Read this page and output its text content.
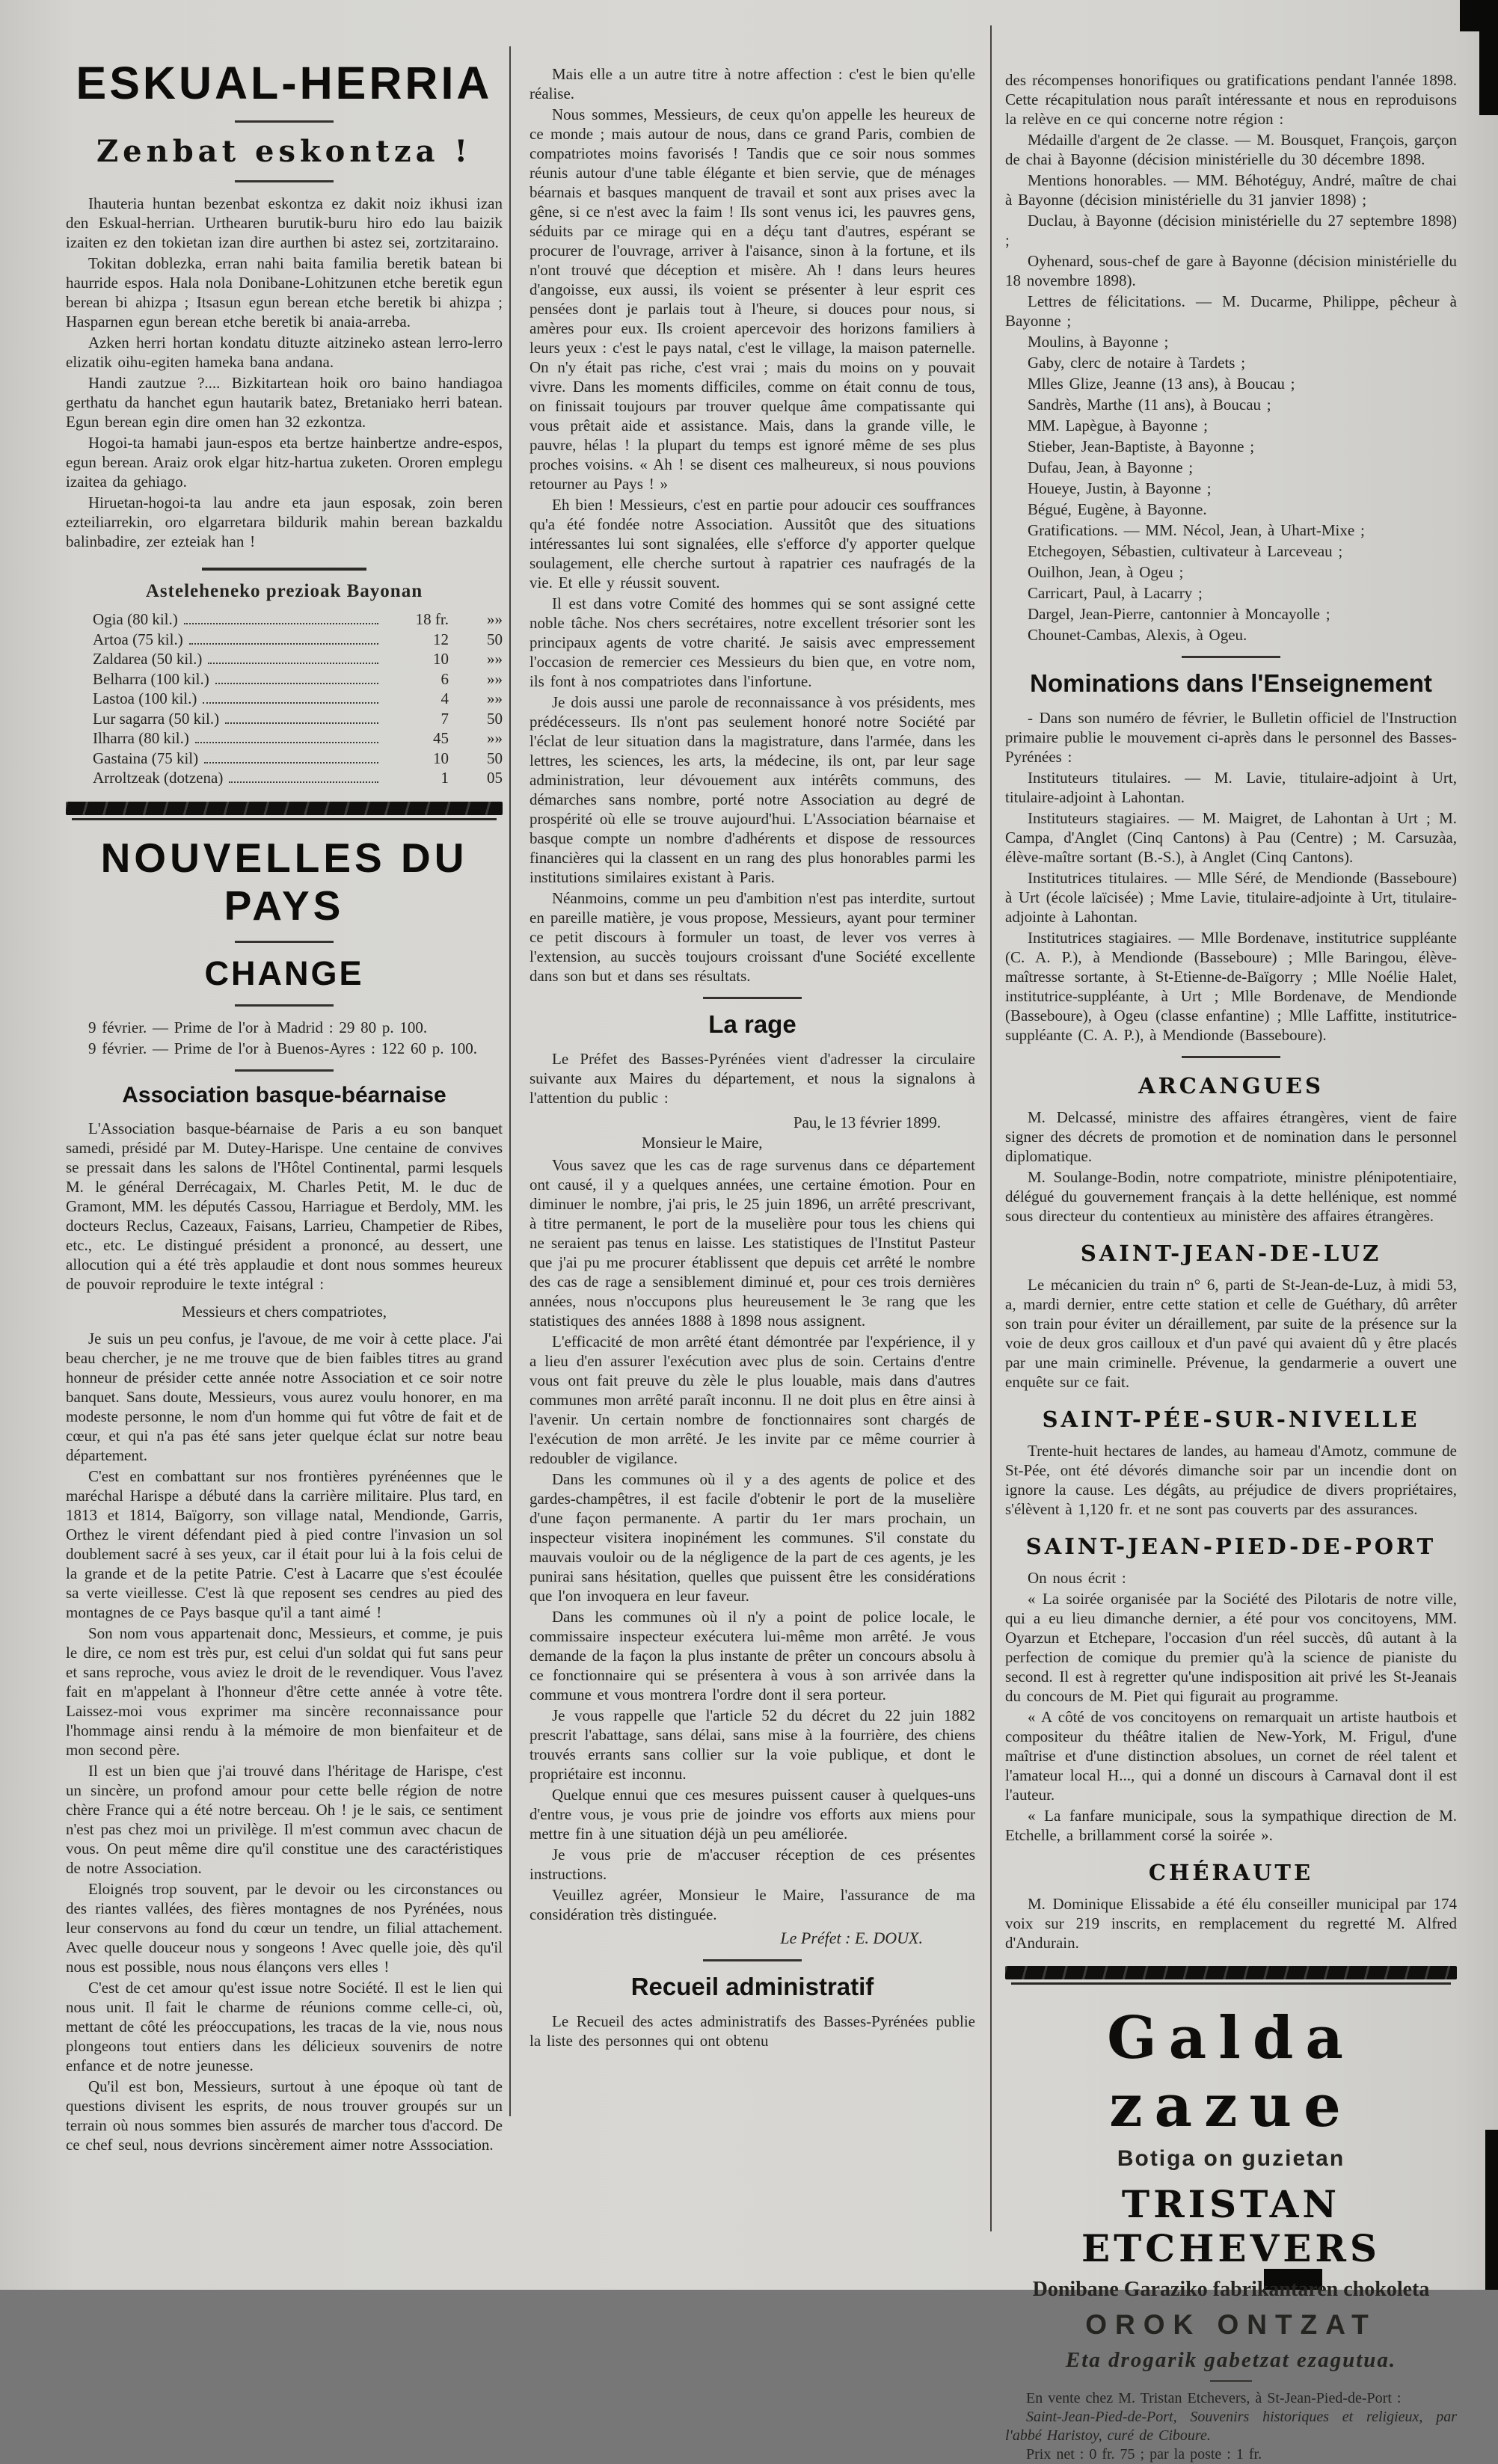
ESKUAL-HERRIA
Zenbat eskontza !

Ihauteria huntan bezenbat eskontza ez dakit noiz ikhusi izan den Eskual-herrian. Urthearen burutik-buru hiro edo lau baizik izaiten ez den tokietan izan dire aurthen bi astez sei, zortzitaraino.

Tokitan doblezka, erran nahi baita familia beretik batean bi haurride espos. Hala nola Donibane-Lohitzunen etche beretik egun berean bi ahizpa ; Itsasun egun berean etche beretik bi ahizpa ; Hasparnen egun berean etche beretik bi anaia-arreba.

Azken herri hortan kondatu dituzte aitzineko astean lerro-lerro elizatik oihu-egiten hameka bana andana.

Handi zautzue ?.... Bizkitartean hoik oro baino handiagoa gerthatu da hanchet egun hautarik batez, Bretaniako herri batean. Egun berean egin dire omen han 32 ezkontza.

Hogoi-ta hamabi jaun-espos eta bertze hainbertze andre-espos, egun berean. Araiz orok elgar hitz-hartua zuketen. Ororen emplegu izaitea da gehiago.

Hiruetan-hogoi-ta lau andre eta jaun esposak, zoin beren ezteiliarrekin, oro elgarretara bildurik mahin berean bazkaldu balinbadire, zer ezteiak han !

Asteleheneko prezioak Bayonan
Ogia (80 kil.)	18 fr.	»»
Artoa (75 kil.)	12	50
Zaldarea (50 kil.)	10	»»
Belharra (100 kil.)	6	»»
Lastoa (100 kil.)	4	»»
Lur sagarra (50 kil.)	7	50
Ilharra (80 kil.)	45	»»
Gastaina (75 kil)	10	50
Arroltzeak (dotzena)	1	05
NOUVELLES DU PAYS
CHANGE

9 février. — Prime de l'or à Madrid : 29 80 p. 100.

9 février. — Prime de l'or à Buenos-Ayres : 122 60 p. 100.

Association basque-béarnaise

L'Association basque-béarnaise de Paris a eu son banquet samedi, présidé par M. Dutey-Harispe. Une centaine de convives se pressait dans les salons de l'Hôtel Continental, parmi lesquels M. le général Derrécagaix, M. Charles Petit, M. le duc de Gramont, MM. les députés Cassou, Harriague et Berdoly, MM. les docteurs Reclus, Cazeaux, Faisans, Larrieu, Champetier de Ribes, etc., etc. Le distingué président a prononcé, au dessert, une allocution qui a été très applaudie et dont nous sommes heureux de pouvoir reproduire le texte intégral :

Messieurs et chers compatriotes,

Je suis un peu confus, je l'avoue, de me voir à cette place. J'ai beau chercher, je ne me trouve que de bien faibles titres au grand honneur de présider cette année notre Association et ce soir notre banquet. Sans doute, Messieurs, vous aurez voulu honorer, en ma modeste personne, le nom d'un homme qui fut vôtre de fait et de cœur, et qui n'a pas été sans jeter quelque éclat sur notre beau département.

C'est en combattant sur nos frontières pyrénéennes que le maréchal Harispe a débuté dans la carrière militaire. Plus tard, en 1813 et 1814, Baïgorry, son village natal, Mendionde, Garris, Orthez le virent défendant pied à pied contre l'invasion un sol doublement sacré à ses yeux, car il était pour lui à la fois celui de la grande et de la petite Patrie. C'est à Lacarre que s'est écoulée sa verte vieillesse. C'est là que reposent ses cendres au pied des montagnes de ce Pays basque qu'il a tant aimé !

Son nom vous appartenait donc, Messieurs, et comme, je puis le dire, ce nom est très pur, est celui d'un soldat qui fut sans peur et sans reproche, vous aviez le droit de le revendiquer. Vous l'avez fait en m'appelant à l'honneur d'être cette année à votre tête. Laissez-moi vous exprimer ma sincère reconnaissance pour l'hommage ainsi rendu à la mémoire de mon bienfaiteur et de mon second père.

Il est un bien que j'ai trouvé dans l'héritage de Harispe, c'est un sincère, un profond amour pour cette belle région de notre chère France qui a été notre berceau. Oh ! je le sais, ce sentiment n'est pas chez moi un privilège. Il m'est commun avec chacun de vous. On peut même dire qu'il constitue une des caractéristiques de notre Association.

Eloignés trop souvent, par le devoir ou les circonstances ou des riantes vallées, des fières montagnes de nos Pyrénées, nous leur conservons au fond du cœur un tendre, un filial attachement. Avec quelle douceur nous y songeons ! Avec quelle joie, dès qu'il nous est possible, nous nous élançons vers elles !

C'est de cet amour qu'est issue notre Société. Il est le lien qui nous unit. Il fait le charme de réunions comme celle-ci, où, mettant de côté les préoccupations, les tracas de la vie, nous nous plongeons tout entiers dans les délicieux souvenirs de notre enfance et de notre jeunesse.

Qu'il est bon, Messieurs, surtout à une époque où tant de questions divisent les esprits, de nous trouver groupés sur un terrain où nous sommes bien assurés de marcher tous d'accord. De ce chef seul, nous devrions sincèrement aimer notre Asssociation.

Mais elle a un autre titre à notre affection : c'est le bien qu'elle réalise.

Nous sommes, Messieurs, de ceux qu'on appelle les heureux de ce monde ; mais autour de nous, dans ce grand Paris, combien de compatriotes moins favorisés ! Tandis que ce soir nous sommes réunis autour d'une table élégante et bien servie, que de ménages béarnais et basques manquent de travail et sont aux prises avec la gêne, si ce n'est avec la faim ! Ils sont venus ici, les pauvres gens, séduits par ce mirage qui en a déçu tant d'autres, espérant se procurer de l'ouvrage, arriver à l'aisance, sinon à la fortune, et ils n'ont trouvé que déception et misère. Ah ! dans leurs heures d'angoisse, eux aussi, ils voient se présenter à leur esprit ces pensées dont je parlais tout à l'heure, si douces pour nous, si amères pour eux. Ils croient apercevoir des horizons familiers à leurs yeux : c'est le pays natal, c'est le village, la maison paternelle. On n'y était pas riche, c'est vrai ; mais du moins on y pouvait vivre. Dans les moments difficiles, comme on était connu de tous, on finissait toujours par trouver quelque âme compatissante qui vous prêtait aide et assistance. Mais, dans la grande ville, le pauvre, hélas ! la plupart du temps est ignoré même de ses plus proches voisins. « Ah ! se disent ces malheureux, si nous pouvions retourner au Pays ! »

Eh bien ! Messieurs, c'est en partie pour adoucir ces souffrances qu'a été fondée notre Association. Aussitôt que des situations intéressantes lui sont signalées, elle s'efforce d'y apporter quelque soulagement, elle cherche surtout à rapatrier ces naufragés de la vie. Et elle y réussit souvent.

Il est dans votre Comité des hommes qui se sont assigné cette noble tâche. Nos chers secrétaires, notre excellent trésorier sont les principaux agents de votre charité. Je saisis avec empressement l'occasion de remercier ces Messieurs du bien que, en votre nom, ils font à nos compatriotes dans l'infortune.

Je dois aussi une parole de reconnaissance à vos présidents, mes prédécesseurs. Ils n'ont pas seulement honoré notre Société par l'éclat de leur situation dans la magistrature, dans l'armée, dans les lettres, les sciences, les arts, la médecine, ils ont, par leur sage administration, leur dévouement aux intérêts communs, des démarches sans nombre, porté notre Association au degré de prospérité où elle se trouve aujourd'hui. L'Association béarnaise et basque compte un nombre d'adhérents et dispose de ressources financières qui la classent en un rang des plus honorables parmi les institutions similaires existant à Paris.

Néanmoins, comme un peu d'ambition n'est pas interdite, surtout en pareille matière, je vous propose, Messieurs, ayant pour terminer ce petit discours à formuler un toast, de lever vos verres à l'extension, au succès toujours croissant d'une Société excellente dans son but et dans ses résultats.

La rage

Le Préfet des Basses-Pyrénées vient d'adresser la circulaire suivante aux Maires du département, et nous la signalons à l'attention du public :

Pau, le 13 février 1899.

Monsieur le Maire,

Vous savez que les cas de rage survenus dans ce département ont causé, il y a quelques années, une certaine émotion. Pour en diminuer le nombre, j'ai pris, le 25 juin 1896, un arrêté prescrivant, à titre permanent, le port de la muselière pour tous les chiens qui ne seraient pas tenus en laisse. Les statistiques de l'Institut Pasteur que j'ai pu me procurer établissent que depuis cet arrêté le nombre des cas de rage a sensiblement diminué et, pour ces trois dernières années, nous n'occupons plus heureusement le 3e rang que les statistiques des années 1888 à 1898 nous assignent.

L'efficacité de mon arrêté étant démontrée par l'expérience, il y a lieu d'en assurer l'exécution avec plus de soin. Certains d'entre vous ont fait preuve du zèle le plus louable, mais dans d'autres communes mon arrêté paraît inconnu. Il ne doit plus en être ainsi à l'avenir. Un certain nombre de fonctionnaires sont chargés de l'exécution de mon arrêté. Je les invite par ce même courrier à redoubler de vigilance.

Dans les communes où il y a des agents de police et des gardes-champêtres, il est facile d'obtenir le port de la muselière d'une façon permanente. A partir du 1er mars prochain, un inspecteur visitera inopinément les communes. S'il constate du mauvais vouloir ou de la négligence de la part de ces agents, je les punirai sans hésitation, quelles que puissent être les considérations que l'on invoquera en leur faveur.

Dans les communes où il n'y a point de police locale, le commissaire inspecteur exécutera lui-même mon arrêté. Je vous demande de la façon la plus instante de prêter un concours absolu à ce fonctionnaire qui se présentera à vous à son arrivée dans la commune et vous montrera l'ordre dont il sera porteur.

Je vous rappelle que l'article 52 du décret du 22 juin 1882 prescrit l'abattage, sans délai, sans mise à la fourrière, des chiens trouvés errants sans collier sur la voie publique, et dont le propriétaire est inconnu.

Quelque ennui que ces mesures puissent causer à quelques-uns d'entre vous, je vous prie de joindre vos efforts aux miens pour mettre fin à une situation déjà un peu améliorée.

Je vous prie de m'accuser réception de ces présentes instructions.

Veuillez agréer, Monsieur le Maire, l'assurance de ma considération très distinguée.

Le Préfet : E. DOUX.

Recueil administratif

Le Recueil des actes administratifs des Basses-Pyrénées publie la liste des personnes qui ont obtenu

des récompenses honorifiques ou gratifications pendant l'année 1898. Cette récapitulation nous paraît intéressante et nous en reproduisons la relève en ce qui concerne notre région :

Médaille d'argent de 2e classe. — M. Bousquet, François, garçon de chai à Bayonne (décision ministérielle du 30 décembre 1898.

Mentions honorables. — MM. Béhotéguy, André, maître de chai à Bayonne (décision ministérielle du 31 janvier 1898) ;

Duclau, à Bayonne (décision ministérielle du 27 septembre 1898) ;

Oyhenard, sous-chef de gare à Bayonne (décision ministérielle du 18 novembre 1898).

Lettres de félicitations. — M. Ducarme, Philippe, pêcheur à Bayonne ;

Moulins, à Bayonne ;

Gaby, clerc de notaire à Tardets ;

Mlles Glize, Jeanne (13 ans), à Boucau ;

Sandrès, Marthe (11 ans), à Boucau ;

MM. Lapègue, à Bayonne ;

Stieber, Jean-Baptiste, à Bayonne ;

Dufau, Jean, à Bayonne ;

Houeye, Justin, à Bayonne ;

Bégué, Eugène, à Bayonne.

Gratifications. — MM. Nécol, Jean, à Uhart-Mixe ;

Etchegoyen, Sébastien, cultivateur à Larceveau ;

Ouilhon, Jean, à Ogeu ;

Carricart, Paul, à Lacarry ;

Dargel, Jean-Pierre, cantonnier à Moncayolle ;

Chounet-Cambas, Alexis, à Ogeu.

Nominations dans l'Enseignement

- Dans son numéro de février, le Bulletin officiel de l'Instruction primaire publie le mouvement ci-après dans le personnel des Basses-Pyrénées :

Instituteurs titulaires. — M. Lavie, titulaire-adjoint à Urt, titulaire-adjoint à Lahontan.

Instituteurs stagiaires. — M. Maigret, de Lahontan à Urt ; M. Campa, d'Anglet (Cinq Cantons) à Pau (Centre) ; M. Carsuzàa, élève-maître sortant (B.-S.), à Anglet (Cinq Cantons).

Institutrices titulaires. — Mlle Séré, de Mendionde (Basseboure) à Urt (école laïcisée) ; Mme Lavie, titulaire-adjointe à Urt, titulaire-adjointe à Lahontan.

Institutrices stagiaires. — Mlle Bordenave, institutrice suppléante (C. A. P.), à Mendionde (Basseboure) ; Mlle Baringou, élève-maîtresse sortante, à St-Etienne-de-Baïgorry ; Mlle Noélie Halet, institutrice-suppléante, à Urt ; Mlle Bordenave, de Mendionde (Basseboure), à Ogeu (classe enfantine) ; Mlle Laffitte, institutrice-suppléante (C. A. P.), à Mendionde (Basseboure).

ARCANGUES

M. Delcassé, ministre des affaires étrangères, vient de faire signer des décrets de promotion et de nomination dans le personnel diplomatique.

M. Soulange-Bodin, notre compatriote, ministre plénipotentiaire, délégué du gouvernement français à la dette hellénique, est nommé sous directeur du contentieux au ministère des affaires étrangères.

SAINT-JEAN-DE-LUZ

Le mécanicien du train n° 6, parti de St-Jean-de-Luz, à midi 53, a, mardi dernier, entre cette station et celle de Guéthary, dû arrêter son train pour éviter un déraillement, par suite de la présence sur la voie de deux gros cailloux et d'un pavé qui avaient dû y être placés par une main criminelle. Prévenue, la gendarmerie a ouvert une enquête sur ce fait.

SAINT-PÉE-SUR-NIVELLE

Trente-huit hectares de landes, au hameau d'Amotz, commune de St-Pée, ont été dévorés dimanche soir par un incendie dont on ignore la cause. Les dégâts, au préjudice de divers propriétaires, s'élèvent à 1,120 fr. et ne sont pas couverts par des assurances.

SAINT-JEAN-PIED-DE-PORT

On nous écrit :

« La soirée organisée par la Société des Pilotaris de notre ville, qui a eu lieu dimanche dernier, a été pour vos concitoyens, MM. Oyarzun et Etchepare, l'occasion d'un réel succès, dû autant à la perfection de comique du premier qu'à la science de pianiste du second. Il est à regretter qu'une indisposition ait privé les St-Jeanais du concours de M. Piet qui figurait au programme.

« A côté de vos concitoyens on remarquait un artiste hautbois et compositeur du théâtre italien de New-York, M. Frigul, d'une maîtrise et d'une distinction absolues, un cornet de réel talent et l'amateur local H..., qui a donné un discours à Carnaval dont il est l'auteur.

« La fanfare municipale, sous la sympathique direction de M. Etchelle, a brillamment corsé la soirée ».

CHÉRAUTE

M. Dominique Elissabide a été élu conseiller municipal par 174 voix sur 219 inscrits, en remplacement du regretté M. Alfred d'Andurain.

Galda zazue
Botiga on guzietan
TRISTAN ETCHEVERS
Donibane Garaziko fabrikantaren chokoleta
OROK ONTZAT
Eta drogarik gabetzat ezagutua.

En vente chez M. Tristan Etchevers, à St-Jean-Pied-de-Port :

Saint-Jean-Pied-de-Port, Souvenirs historiques et religieux, par l'abbé Haristoy, curé de Ciboure.

Prix net : 0 fr. 75 ; par la poste : 1 fr.
